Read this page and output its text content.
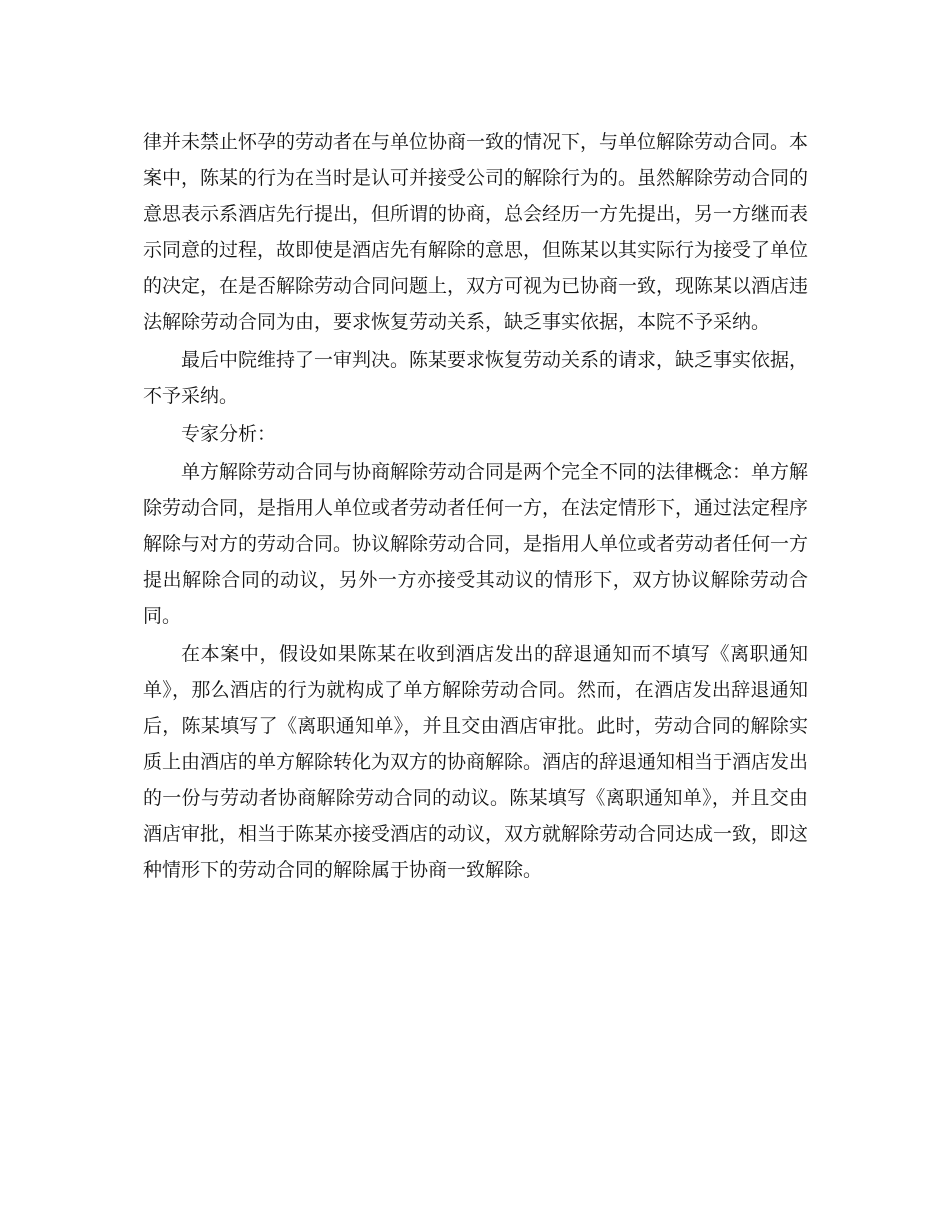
律并未禁止怀孕的劳动者在与单位协商一致的情况下，与单位解除劳动合同。本案中，陈某的行为在当时是认可并接受公司的解除行为的。虽然解除劳动合同的意思表示系酒店先行提出，但所谓的协商，总会经历一方先提出，另一方继而表示同意的过程，故即使是酒店先有解除的意思，但陈某以其实际行为接受了单位的决定，在是否解除劳动合同问题上，双方可视为已协商一致，现陈某以酒店违法解除劳动合同为由，要求恢复劳动关系，缺乏事实依据，本院不予采纳。

最后中院维持了一审判决。陈某要求恢复劳动关系的请求，缺乏事实依据，不予采纳。

专家分析：

单方解除劳动合同与协商解除劳动合同是两个完全不同的法律概念：单方解除劳动合同，是指用人单位或者劳动者任何一方，在法定情形下，通过法定程序解除与对方的劳动合同。协议解除劳动合同，是指用人单位或者劳动者任何一方提出解除合同的动议，另外一方亦接受其动议的情形下，双方协议解除劳动合同。

在本案中，假设如果陈某在收到酒店发出的辞退通知而不填写《离职通知单》，那么酒店的行为就构成了单方解除劳动合同。然而，在酒店发出辞退通知后，陈某填写了《离职通知单》，并且交由酒店审批。此时，劳动合同的解除实质上由酒店的单方解除转化为双方的协商解除。酒店的辞退通知相当于酒店发出的一份与劳动者协商解除劳动合同的动议。陈某填写《离职通知单》，并且交由酒店审批，相当于陈某亦接受酒店的动议，双方就解除劳动合同达成一致，即这种情形下的劳动合同的解除属于协商一致解除。
